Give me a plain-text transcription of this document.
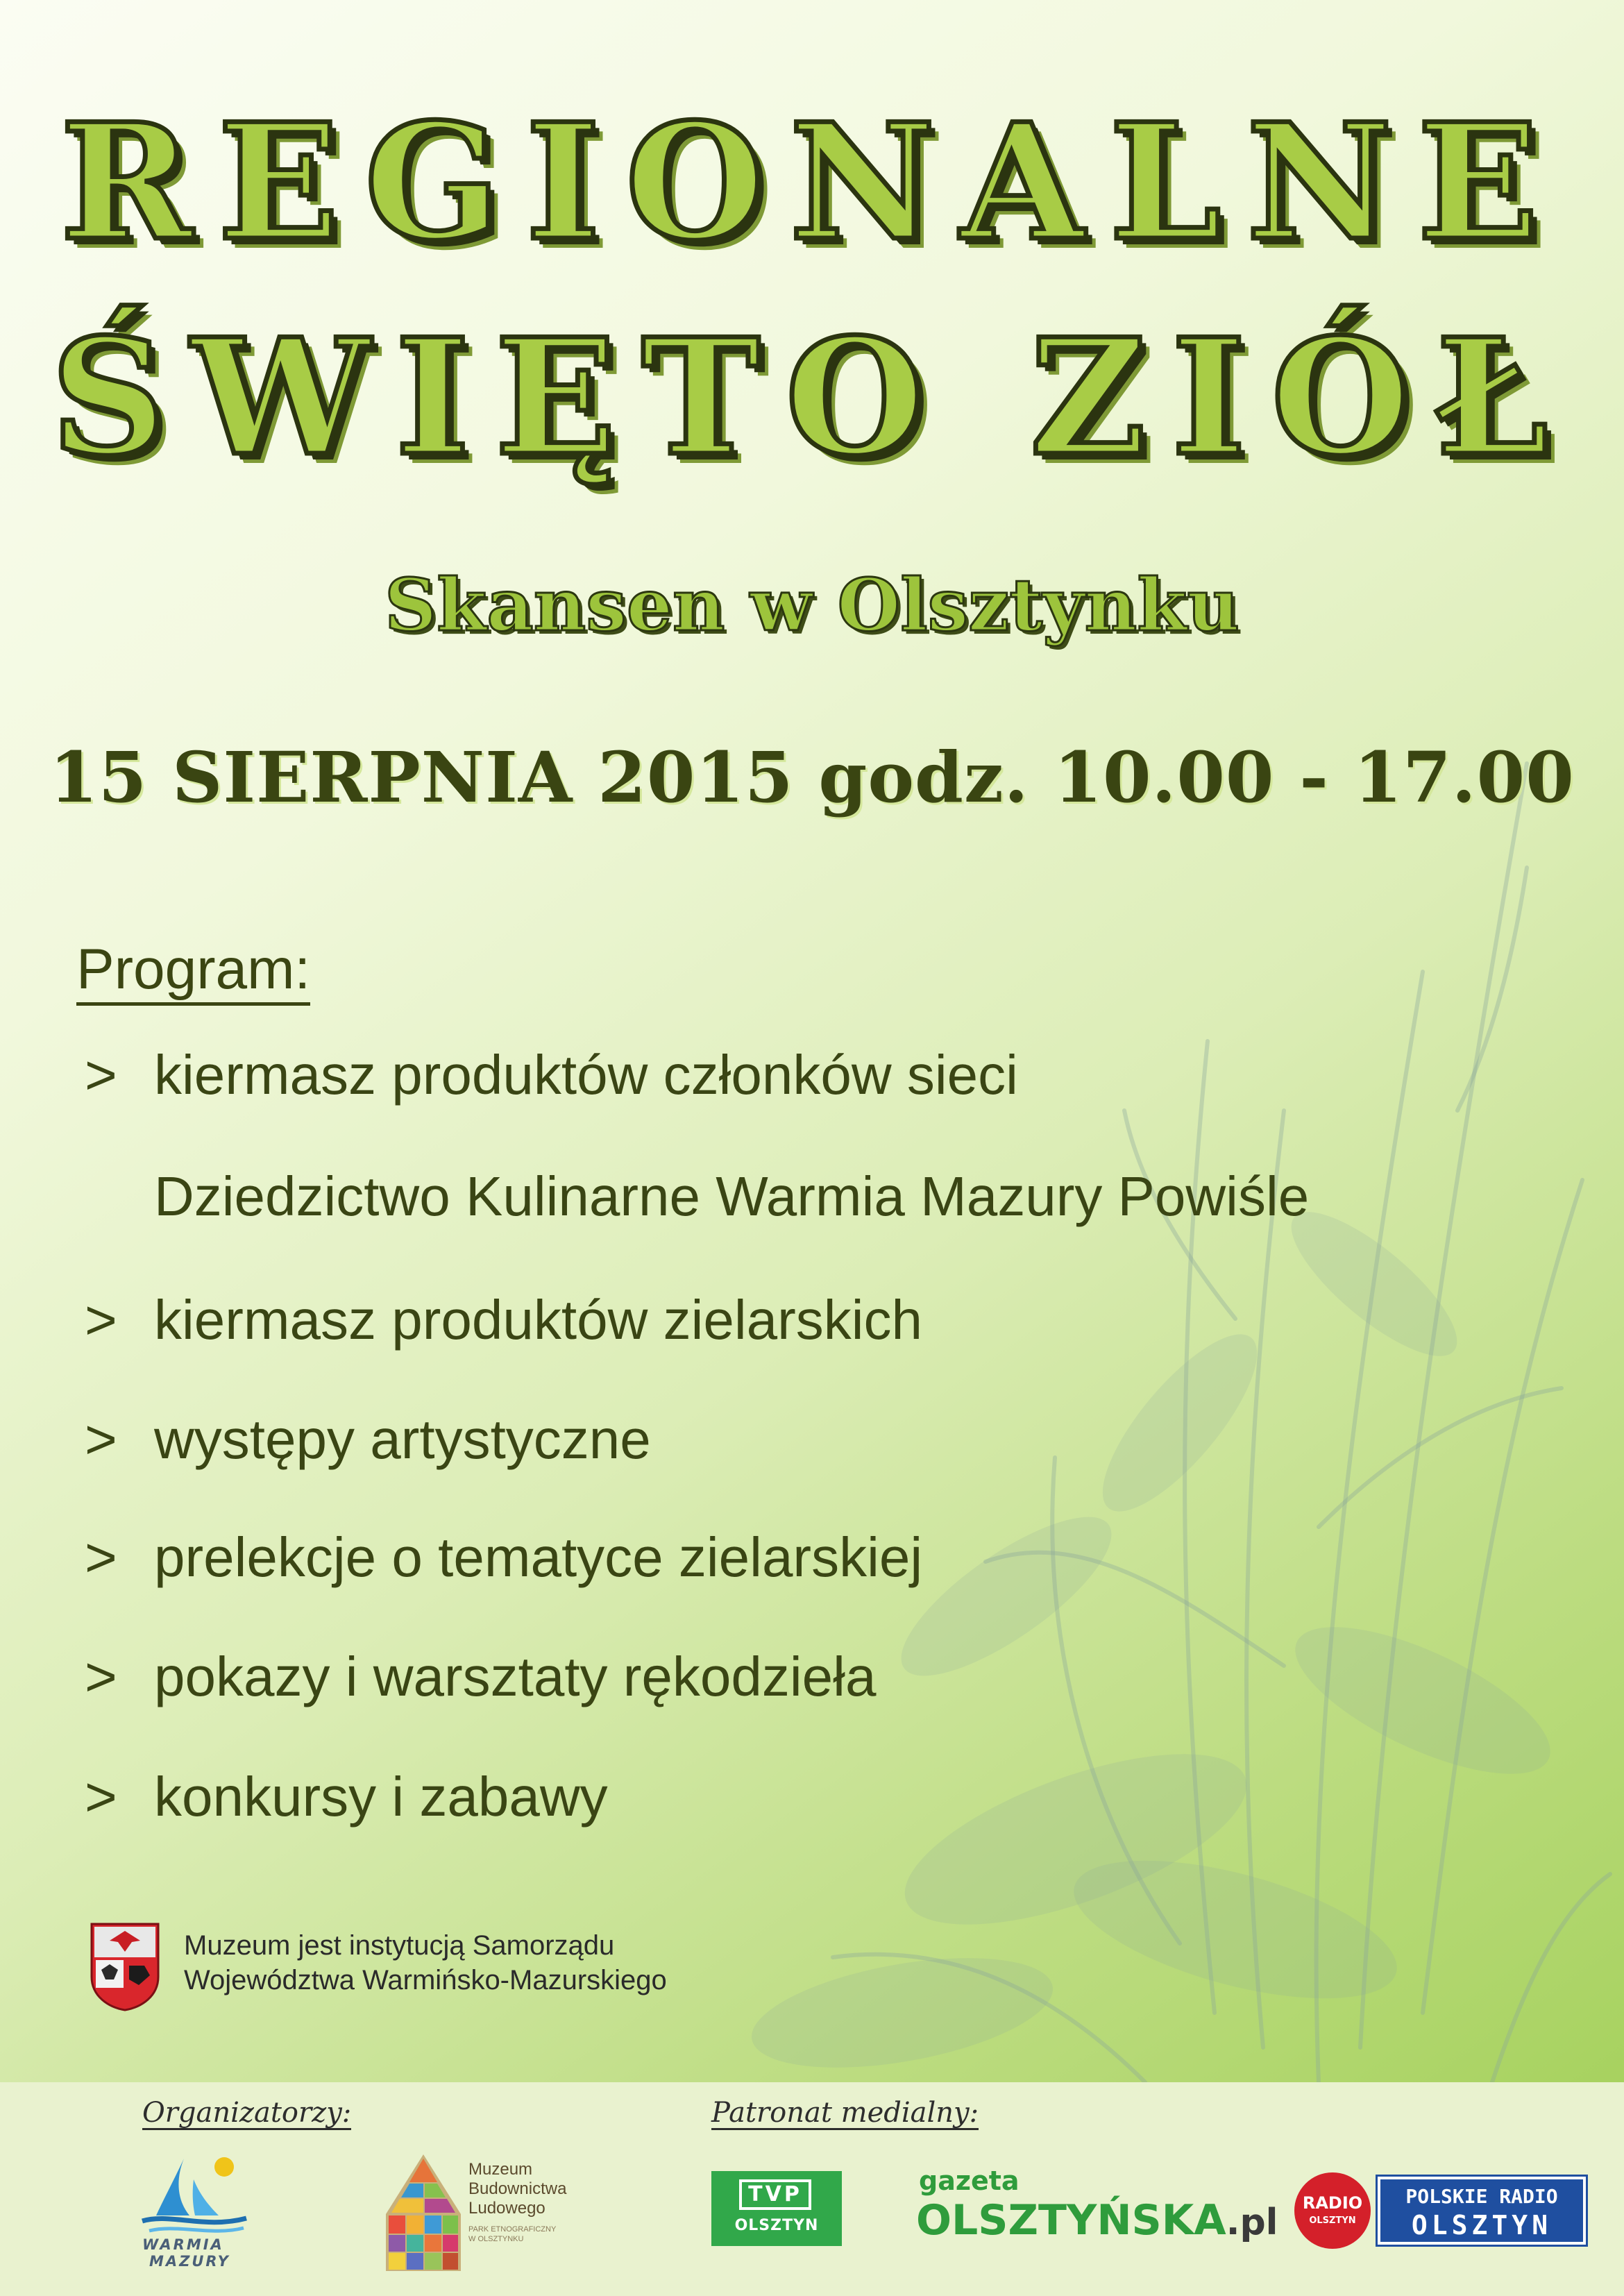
REGIONALNE
ŚWIĘTO ZIÓŁ
Skansen w Olsztynku
15 SIERPNIA 2015 godz. 10.00 - 17.00
Program:
> kiermasz produktów członków sieci
Dziedzictwo Kulinarne Warmia Mazury Powiśle
> kiermasz produktów zielarskich
> występy artystyczne
> prelekcje o tematyce zielarskiej
> pokazy i warsztaty rękodzieła
> konkursy i zabawy
Muzeum jest instytucją Samorządu
Województwa Warmińsko-Mazurskiego
Organizatorzy:	Patronat medialny:
WARMIA
MAZURY
Muzeum
Budownictwa
Ludowego
PARK ETNOGRAFICZNY
W OLSZTYNKU
TVP
OLSZTYN
gazeta
OLSZTYŃSKA.pl	RADIO
OLSZTYN
POLSKIE RADIO
OLSZTYN
